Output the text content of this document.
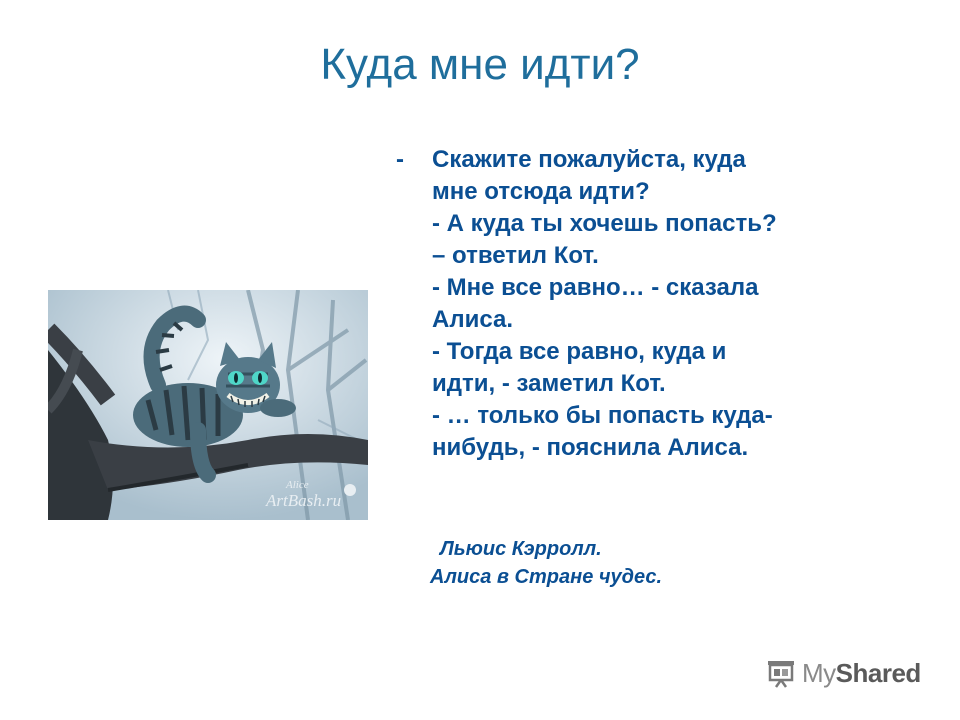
Куда мне идти?
Alice
ArtBash.ru
- Скажите пожалуйста, куда
мне отсюда идти?
- А куда ты хочешь попасть?
– ответил Кот.
- Мне все равно… - сказала
Алиса.
- Тогда все равно, куда и
идти, - заметил Кот.
- … только бы попасть куда-
нибудь, - пояснила Алиса.
Льюис Кэрролл.
Алиса в Стране чудес.
MyShared
